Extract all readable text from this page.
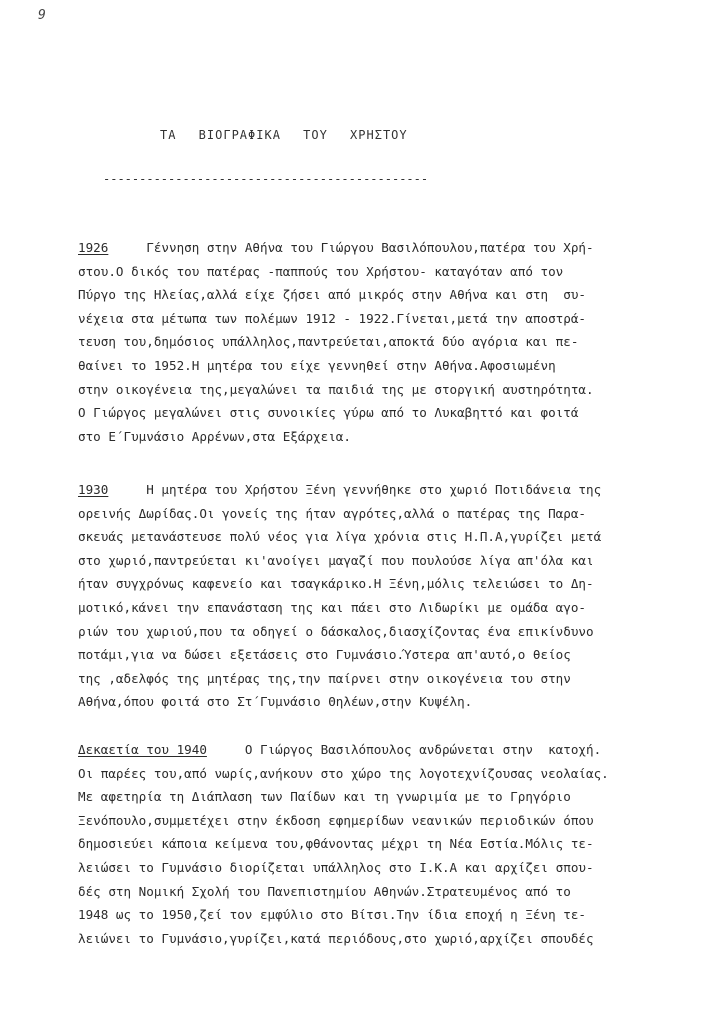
9
ΤΑ ΒΙΟΓΡΑΦΙΚΑ ΤΟΥ ΧΡΗΣΤΟΥ
---------------------------------------------
1926     Γέννηση στην Αθήνα του Γιώργου Βασιλόπουλου,πατέρα του Χρή-
στου.Ο δικός του πατέρας -παππούς του Χρήστου- καταγόταν από τον
Πύργο της Ηλείας,αλλά είχε ζήσει από μικρός στην Αθήνα και στη  συ-
νέχεια στα μέτωπα των πολέμων 1912 - 1922.Γίνεται,μετά την αποστρά-
τευση του,δημόσιος υπάλληλος,παντρεύεται,αποκτά δύο αγόρια και πε-
θαίνει το 1952.Η μητέρα του είχε γεννηθεί στην Αθήνα.Αφοσιωμένη
στην οικογένεια της,μεγαλώνει τα παιδιά της με στοργική αυστηρότητα.
Ο Γιώργος μεγαλώνει στις συνοικίες γύρω από το Λυκαβηττό και φοιτά
στο Ε΄Γυμνάσιο Αρρένων,στα Εξάρχεια.
1930     Η μητέρα του Χρήστου Ξένη γεννήθηκε στο χωριό Ποτιδάνεια της
ορεινής Δωρίδας.Οι γονείς της ήταν αγρότες,αλλά ο πατέρας της Παρα-
σκευάς μετανάστευσε πολύ νέος για λίγα χρόνια στις Η.Π.Α,γυρίζει μετά
στο χωριό,παντρεύεται κι'ανοίγει μαγαζί που πουλούσε λίγα απ'όλα και
ήταν συγχρόνως καφενείο και τσαγκάρικο.Η Ξένη,μόλις τελειώσει το Δη-
μοτικό,κάνει την επανάσταση της και πάει στο Λιδωρίκι με ομάδα αγο-
ριών του χωριού,που τα οδηγεί ο δάσκαλος,διασχίζοντας ένα επικίνδυνο
ποτάμι,για να δώσει εξετάσεις στο Γυμνάσιο.Ύστερα απ'αυτό,ο θείος
της ,αδελφός της μητέρας της,την παίρνει στην οικογένεια του στην
Αθήνα,όπου φοιτά στο Στ΄Γυμνάσιο Θηλέων,στην Κυψέλη.
Δεκαετία του 1940     Ο Γιώργος Βασιλόπουλος ανδρώνεται στην  κατοχή.
Οι παρέες του,από νωρίς,ανήκουν στο χώρο της λογοτεχνίζουσας νεολαίας.
Με αφετηρία τη Διάπλαση των Παίδων και τη γνωριμία με το Γρηγόριο
Ξενόπουλο,συμμετέχει στην έκδοση εφημερίδων νεανικών περιοδικών όπου
δημοσιεύει κάποια κείμενα του,φθάνοντας μέχρι τη Νέα Εστία.Μόλις τε-
λειώσει το Γυμνάσιο διορίζεται υπάλληλος στο Ι.Κ.Α και αρχίζει σπου-
δές στη Νομική Σχολή του Πανεπιστημίου Αθηνών.Στρατευμένος από το
1948 ως το 1950,ζεί τον εμφύλιο στο Βίτσι.Την ίδια εποχή η Ξένη τε-
λειώνει το Γυμνάσιο,γυρίζει,κατά περιόδους,στο χωριό,αρχίζει σπουδές
